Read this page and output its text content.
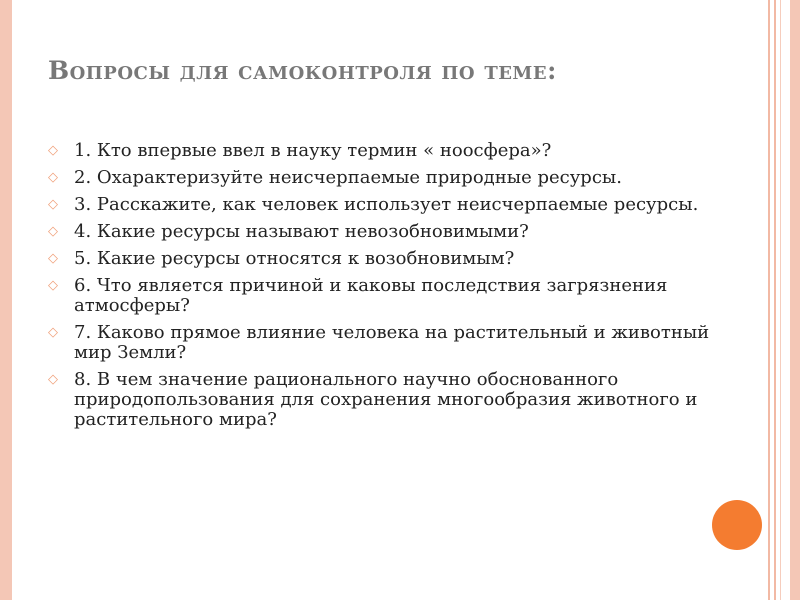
Вопросы для самоконтроля по теме:
◇ 1. Кто впервые ввел в науку термин « ноосфера»?
◇ 2. Охарактеризуйте неисчерпаемые природные ресурсы.
◇ 3. Расскажите, как человек использует неисчерпаемые ресурсы.
◇ 4. Какие ресурсы называют невозобновимыми?
◇ 5. Какие ресурсы относятся к возобновимым?
◇ 6. Что является причиной и каковы последствия загрязнения атмосферы?
◇ 7. Каково прямое влияние человека на растительный и животный мир Земли?
◇ 8. В чем значение рационального научно обоснованного природопользования для сохранения многообразия животного и растительного мира?
